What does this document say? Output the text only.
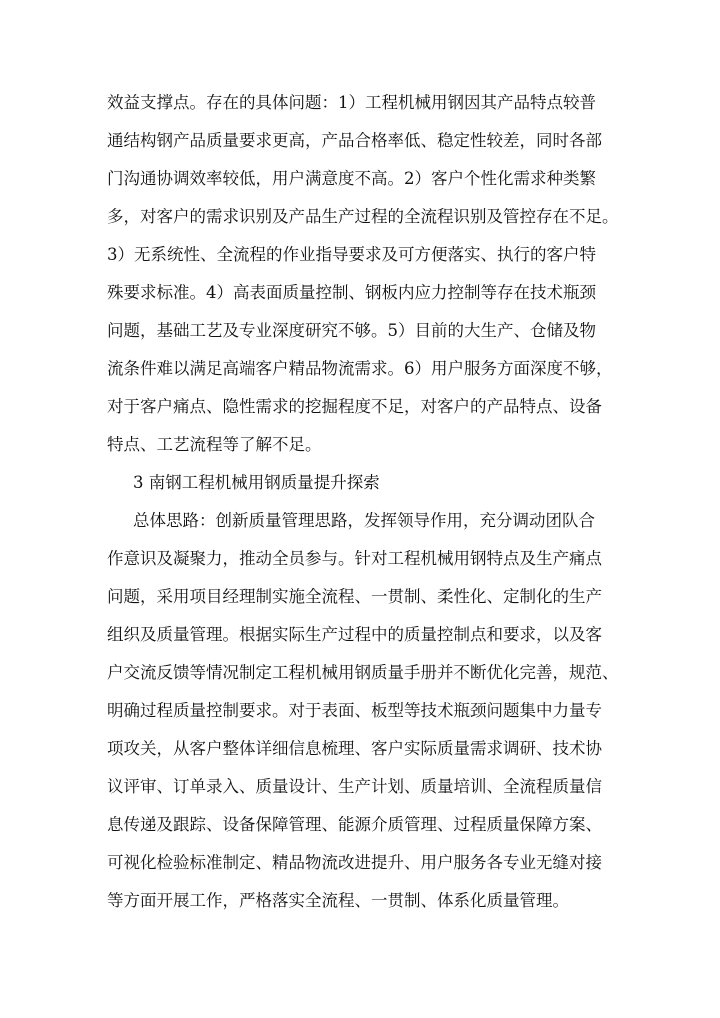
效益支撑点。存在的具体问题：1）工程机械用钢因其产品特点较普
通结构钢产品质量要求更高，产品合格率低、稳定性较差，同时各部
门沟通协调效率较低，用户满意度不高。2）客户个性化需求种类繁
多，对客户的需求识别及产品生产过程的全流程识别及管控存在不足。
3）无系统性、全流程的作业指导要求及可方便落实、执行的客户特
殊要求标准。4）高表面质量控制、钢板内应力控制等存在技术瓶颈
问题，基础工艺及专业深度研究不够。5）目前的大生产、仓储及物
流条件难以满足高端客户精品物流需求。6）用户服务方面深度不够，
对于客户痛点、隐性需求的挖掘程度不足，对客户的产品特点、设备
特点、工艺流程等了解不足。
3 南钢工程机械用钢质量提升探索
总体思路：创新质量管理思路，发挥领导作用，充分调动团队合
作意识及凝聚力，推动全员参与。针对工程机械用钢特点及生产痛点
问题，采用项目经理制实施全流程、一贯制、柔性化、定制化的生产
组织及质量管理。根据实际生产过程中的质量控制点和要求，以及客
户交流反馈等情况制定工程机械用钢质量手册并不断优化完善，规范、
明确过程质量控制要求。对于表面、板型等技术瓶颈问题集中力量专
项攻关，从客户整体详细信息梳理、客户实际质量需求调研、技术协
议评审、订单录入、质量设计、生产计划、质量培训、全流程质量信
息传递及跟踪、设备保障管理、能源介质管理、过程质量保障方案、
可视化检验标准制定、精品物流改进提升、用户服务各专业无缝对接
等方面开展工作，严格落实全流程、一贯制、体系化质量管理。
